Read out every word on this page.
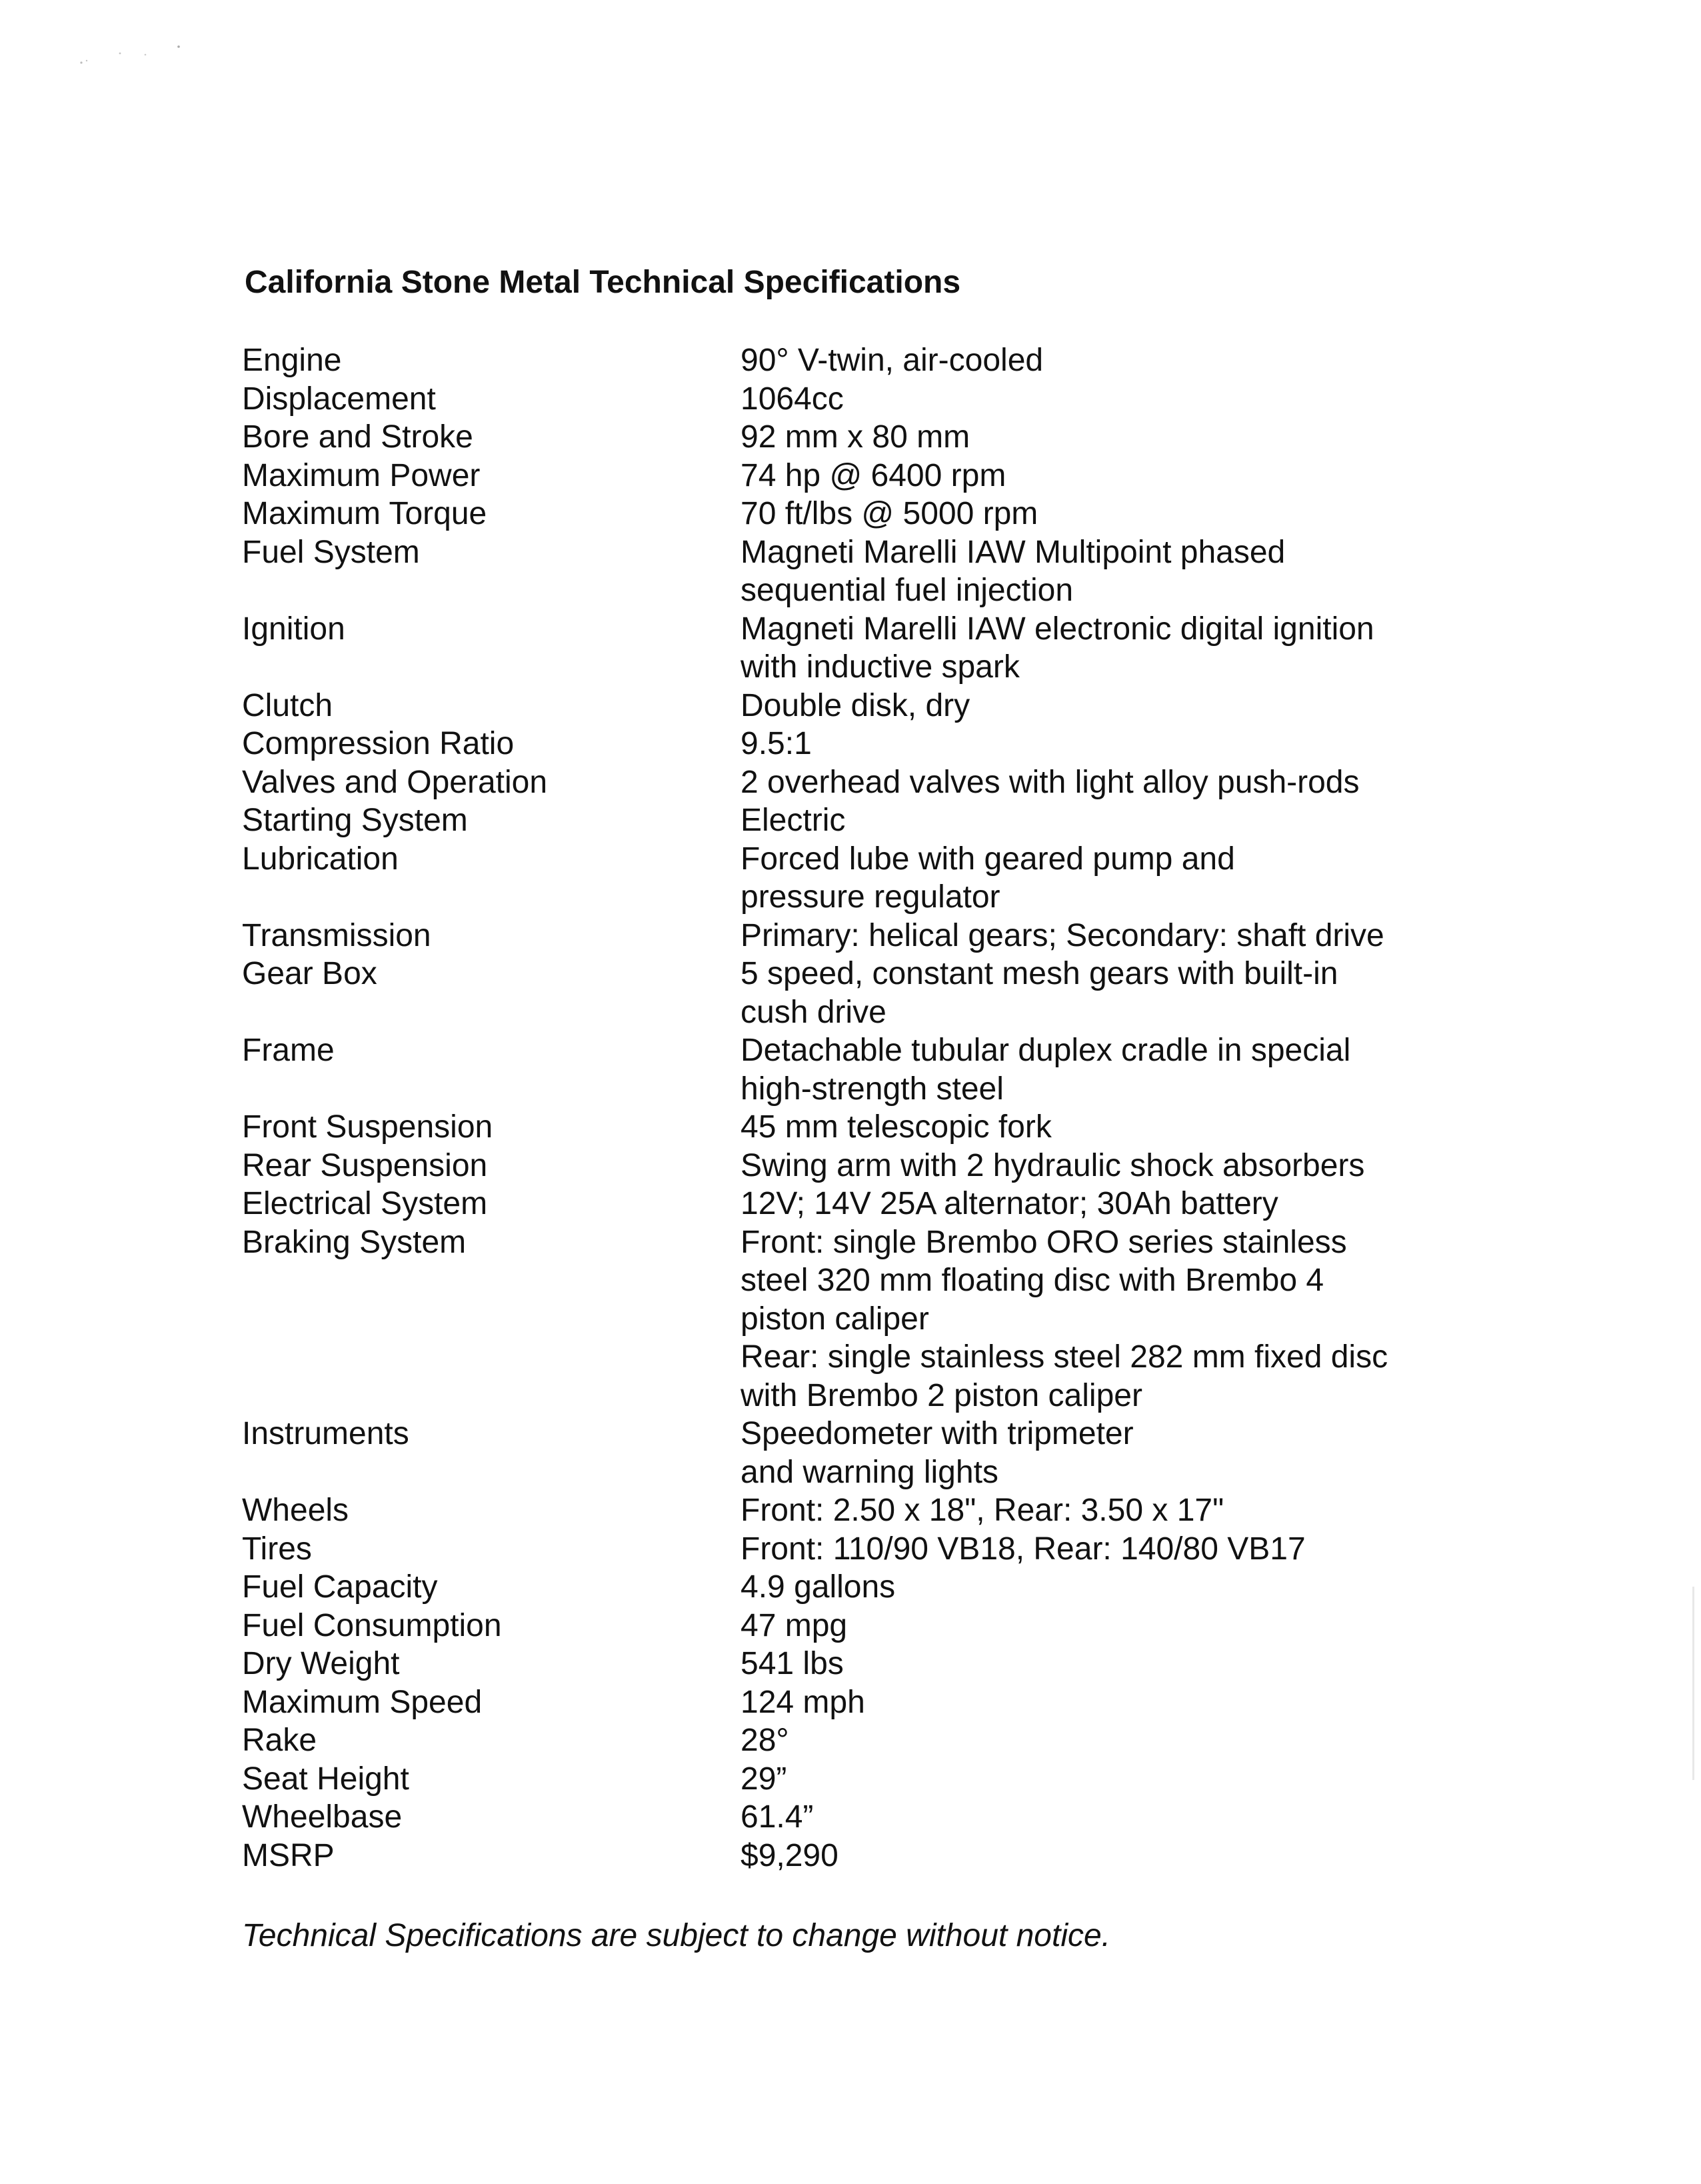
California Stone Metal Technical Specifications
Engine	90° V-twin, air-cooled
Displacement	1064cc
Bore and Stroke	92 mm x 80 mm
Maximum Power	74 hp @ 6400 rpm
Maximum Torque	70 ft/lbs @ 5000 rpm
Fuel System	Magneti Marelli IAW Multipoint phased
sequential fuel injection
Ignition	Magneti Marelli IAW electronic digital ignition
with inductive spark
Clutch	Double disk, dry
Compression Ratio	9.5:1
Valves and Operation	2 overhead valves with light alloy push-rods
Starting System	Electric
Lubrication	Forced lube with geared pump and
pressure regulator
Transmission	Primary: helical gears; Secondary: shaft drive
Gear Box	5 speed, constant mesh gears with built-in
cush drive
Frame	Detachable tubular duplex cradle in special
high-strength steel
Front Suspension	45 mm telescopic fork
Rear Suspension	Swing arm with 2 hydraulic shock absorbers
Electrical System	12V; 14V 25A alternator; 30Ah battery
Braking System	Front: single Brembo ORO series stainless
steel 320 mm floating disc with Brembo 4
piston caliper
Rear: single stainless steel 282 mm fixed disc
with Brembo 2 piston caliper
Instruments	Speedometer with tripmeter
and warning lights
Wheels	Front: 2.50 x 18", Rear: 3.50 x 17"
Tires	Front: 110/90 VB18, Rear: 140/80 VB17
Fuel Capacity	4.9 gallons
Fuel Consumption	47 mpg
Dry Weight	541 lbs
Maximum Speed	124 mph
Rake	28°
Seat Height	29”
Wheelbase	61.4”
MSRP	$9,290
Technical Specifications are subject to change without notice.
